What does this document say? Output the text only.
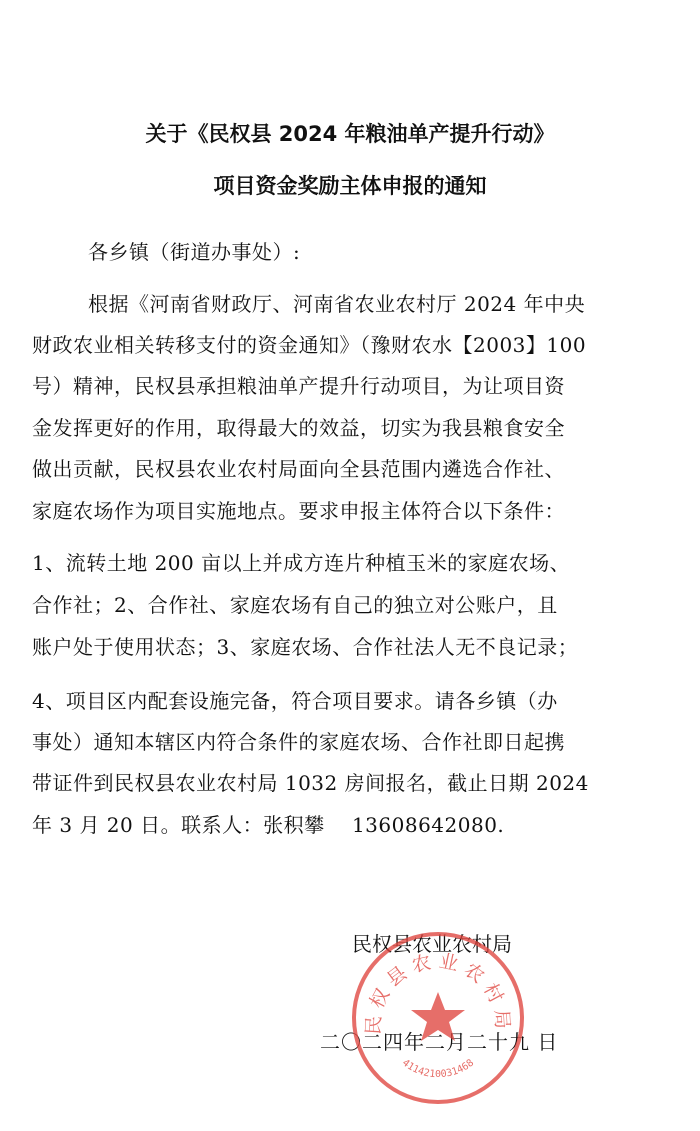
关于《民权县 2024 年粮油单产提升行动》
项目资金奖励主体申报的通知
各乡镇（街道办事处）:
根据《河南省财政厅、河南省农业农村厅 2024 年中央
财政农业相关转移支付的资金通知》（豫财农水【2003】100
号）精神，民权县承担粮油单产提升行动项目，为让项目资
金发挥更好的作用，取得最大的效益，切实为我县粮食安全
做出贡献，民权县农业农村局面向全县范围内遴选合作社、
家庭农场作为项目实施地点。要求申报主体符合以下条件：
1、流转土地 200 亩以上并成方连片种植玉米的家庭农场、
合作社；2、合作社、家庭农场有自己的独立对公账户，且
账户处于使用状态；3、家庭农场、合作社法人无不良记录；
4、项目区内配套设施完备，符合项目要求。请各乡镇（办
事处）通知本辖区内符合条件的家庭农场、合作社即日起携
带证件到民权县农业农村局 1032 房间报名，截止日期 2024
年 3 月 20 日。联系人：张积攀　 13608642080.
民权县农业农村局
二〇二四年二月二十九 日
民权县农业农村局
4114210031468
